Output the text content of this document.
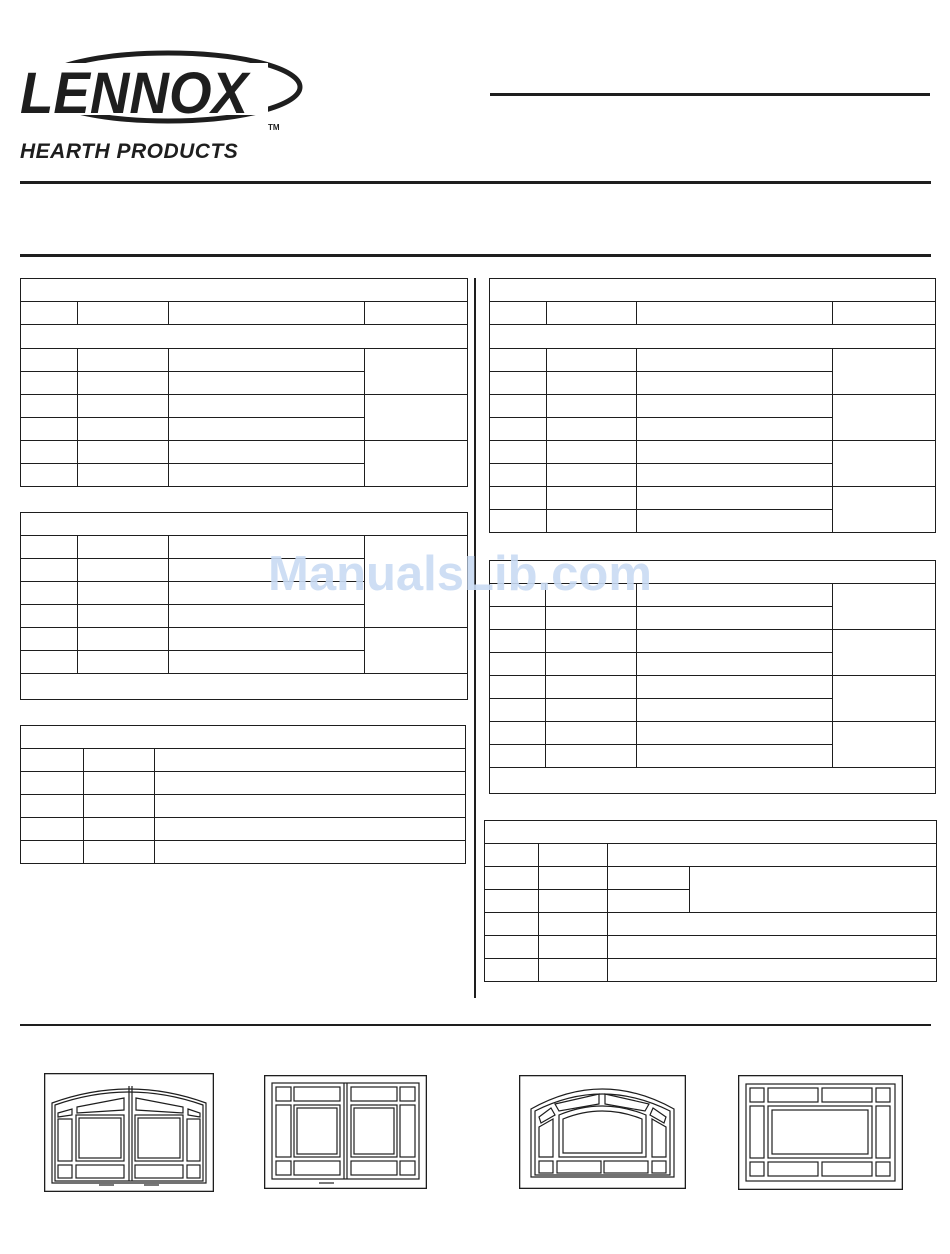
LENNOX
TM
HEARTH PRODUCTS

ManualsLib.com
